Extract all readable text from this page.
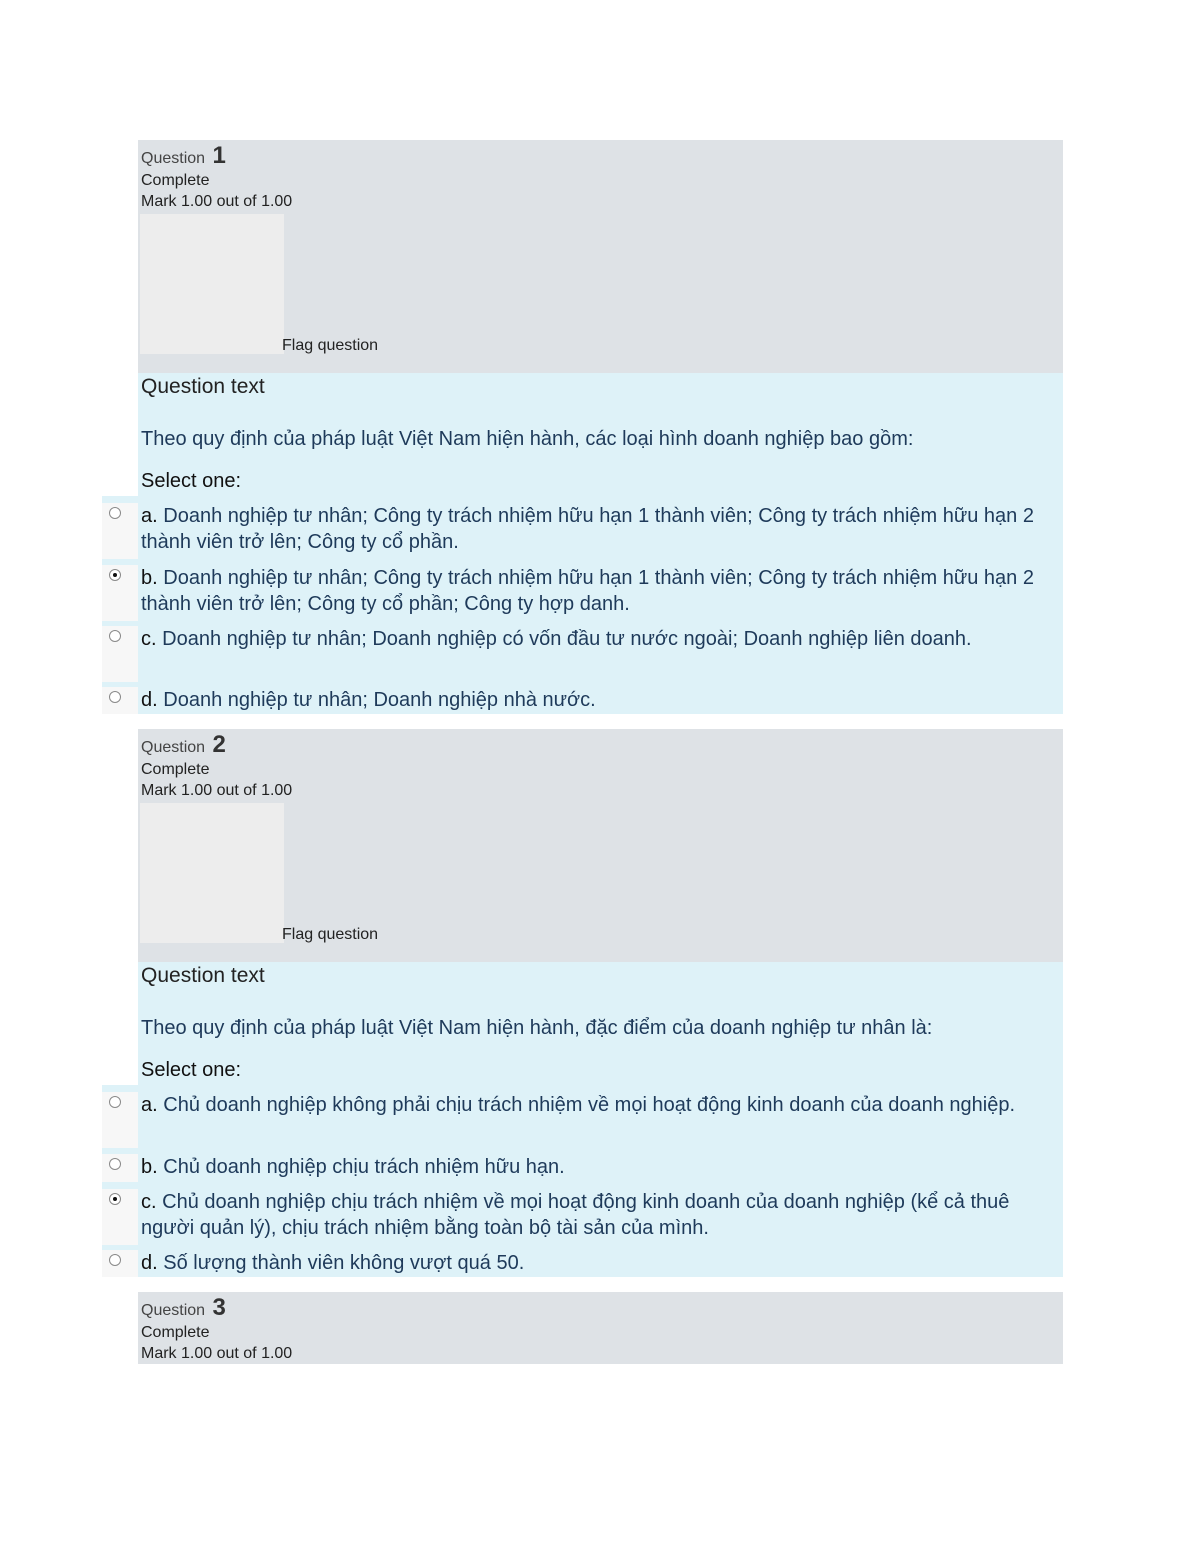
Question 1
Complete
Mark 1.00 out of 1.00
Flag question
Question text
Theo quy định của pháp luật Việt Nam hiện hành, các loại hình doanh nghiệp bao gồm:
Select one:
a. Doanh nghiệp tư nhân; Công ty trách nhiệm hữu hạn 1 thành viên; Công ty trách nhiệm hữu hạn 2 thành viên trở lên; Công ty cổ phần.
b. Doanh nghiệp tư nhân; Công ty trách nhiệm hữu hạn 1 thành viên; Công ty trách nhiệm hữu hạn 2 thành viên trở lên; Công ty cổ phần; Công ty hợp danh.
c. Doanh nghiệp tư nhân; Doanh nghiệp có vốn đầu tư nước ngoài; Doanh nghiệp liên doanh.
d. Doanh nghiệp tư nhân; Doanh nghiệp nhà nước.
Question 2
Complete
Mark 1.00 out of 1.00
Flag question
Question text
Theo quy định của pháp luật Việt Nam hiện hành, đặc điểm của doanh nghiệp tư nhân là:
Select one:
a. Chủ doanh nghiệp không phải chịu trách nhiệm về mọi hoạt động kinh doanh của doanh nghiệp.
b. Chủ doanh nghiệp chịu trách nhiệm hữu hạn.
c. Chủ doanh nghiệp chịu trách nhiệm về mọi hoạt động kinh doanh của doanh nghiệp (kể cả thuê người quản lý), chịu trách nhiệm bằng toàn bộ tài sản của mình.
d. Số lượng thành viên không vượt quá 50.
Question 3
Complete
Mark 1.00 out of 1.00
